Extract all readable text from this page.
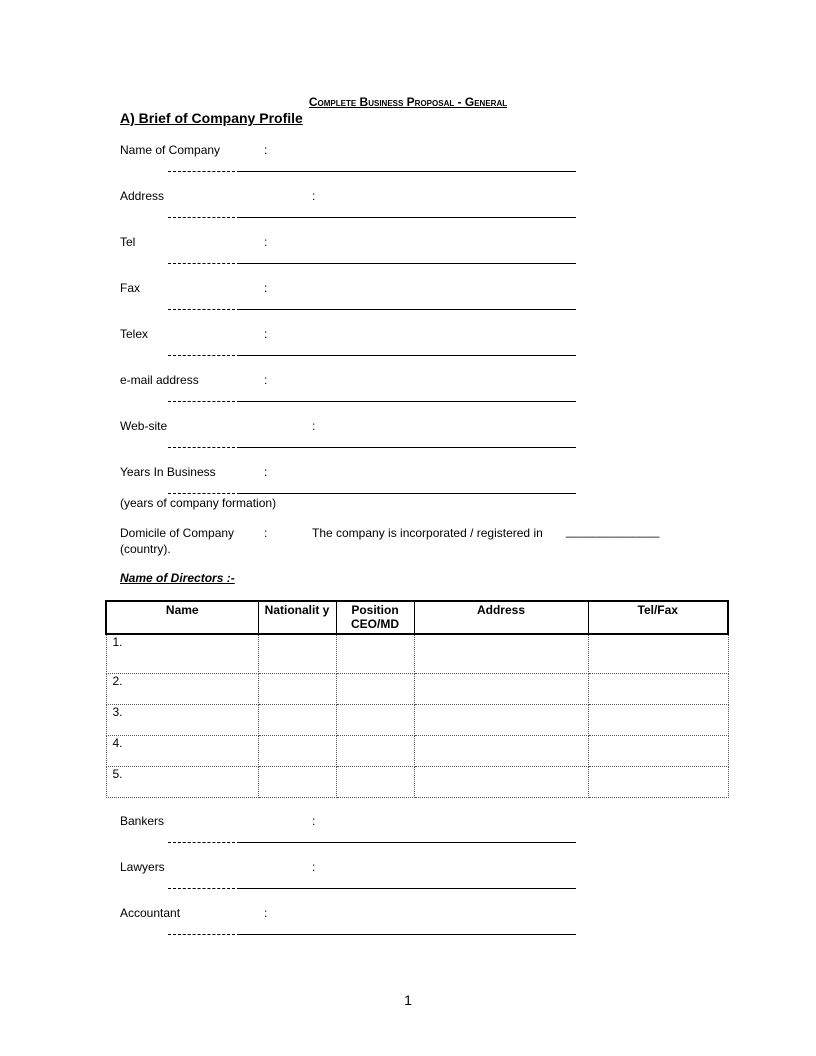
Complete Business Proposal - General
A) Brief of Company Profile
Name of Company	:
Address	:
Tel	:
Fax	:
Telex	:
e-mail address	:
Web-site	:
Years In Business	:
(years of company formation)
Domicile of Company :	The company is incorporated / registered in ______________
(country).
Name of Directors :-
Name	Nationalit y	Position CEO/MD	Address	Tel/Fax
1.				
2.				
3.				
4.				
5.				
Bankers	:
Lawyers	:
Accountant	:
1
